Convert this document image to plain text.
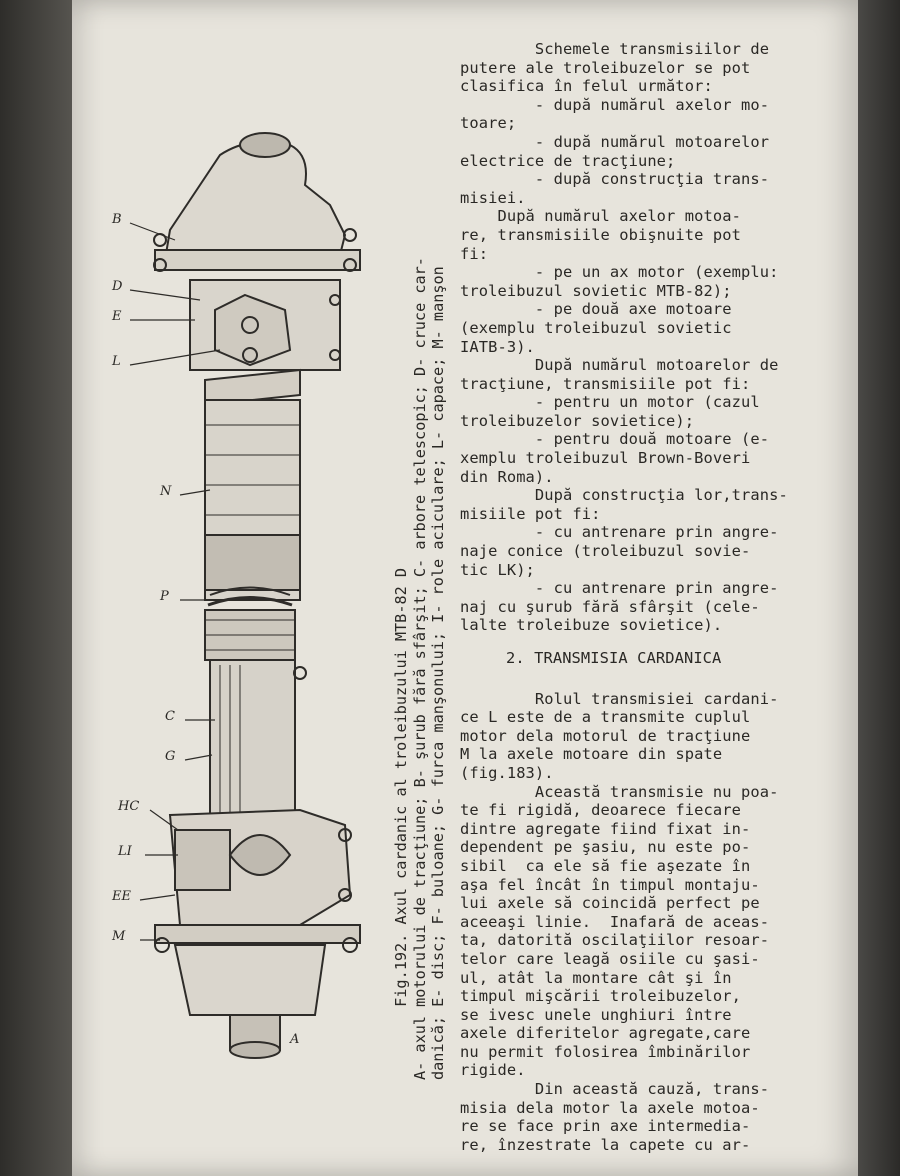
B
D
E
L
N
P
C
G
HC
LI
EE
M
A	Fig.192. Axul cardanic al troleibuzului MTB-82 D A- axul motorului de tracţiune; B- şurub fără sfârşit; C- arbore telescopic; D- cruce car- danică; E- disc; F- buloane; G- furca manşonului; I- role aciculare; L- capace; M- manşon

Schemele transmisiilor de

putere ale troleibuzelor se pot

clasifica în felul următor:

- după numărul axelor mo-

toare;

- după numărul motoarelor

electrice de tracţiune;

- după construcţia trans-

misiei.

După numărul axelor motoa-

re, transmisiile obişnuite pot

fi:

- pe un ax motor (exemplu:

troleibuzul sovietic MTB-82);

- pe două axe motoare

(exemplu troleibuzul sovietic

IATB-3).

După numărul motoarelor de

tracţiune, transmisiile pot fi:

- pentru un motor (cazul

troleibuzelor sovietice);

- pentru două motoare (e-

xemplu troleibuzul Brown-Boveri

din Roma).

După construcţia lor,trans-

misiile pot fi:

- cu antrenare prin angre-

naje conice (troleibuzul sovie-

tic LK);

- cu antrenare prin angre-

naj cu şurub fără sfârşit (cele-

lalte troleibuze sovietice).

2. TRANSMISIA CARDANICA

Rolul transmisiei cardani-

ce L este de a transmite cuplul

motor dela motorul de tracţiune

M la axele motoare din spate

(fig.183).

Această transmisie nu poa-

te fi rigidă, deoarece fiecare

dintre agregate fiind fixat in-

dependent pe şasiu, nu este po-

sibil  ca ele să fie aşezate în

aşa fel încât în timpul montaju-

lui axele să coincidă perfect pe

aceeaşi linie.  Inafară de aceas-

ta, datorită oscilaţiilor resoar-

telor care leagă osiile cu şasi-

ul, atât la montare cât şi în

timpul mişcării troleibuzelor,

se ivesc unele unghiuri între

axele diferitelor agregate,care

nu permit folosirea îmbinărilor

rigide.

Din această cauză, trans-

misia dela motor la axele motoa-

re se face prin axe intermedia-

re, înzestrate la capete cu ar-
